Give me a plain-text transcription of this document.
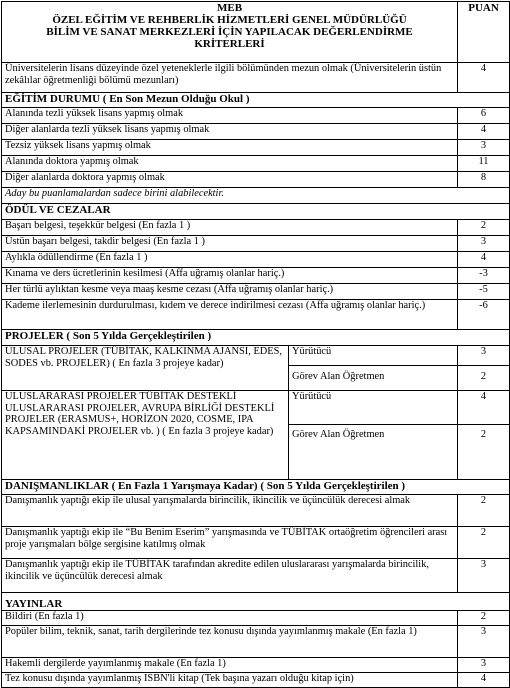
MEB
ÖZEL EĞİTİM VE REHBERLİK HİZMETLERİ GENEL MÜDÜRLÜĞÜ
BİLİM VE SANAT MERKEZLERİ İÇİN YAPILACAK DEĞERLENDİRME
KRİTERLERİ		PUAN
Üniversitelerin lisans düzeyinde özel yeteneklerle ilgili bölümünden mezun olmak (Üniversitelerin üstün zekâlılar öğretmenliği bölümü mezunları)		4
EĞİTİM DURUMU ( En Son Mezun Olduğu Okul )		
Alanında tezli yüksek lisans yapmış olmak		6
Diğer alanlarda tezli yüksek lisans yapmış olmak		4
Tezsiz yüksek lisans yapmış olmak		3
Alanında doktora yapmış olmak		11
Diğer alanlarda doktora yapmış olmak		8
Aday bu puanlamalardan sadece birini alabilecektir.		
ÖDÜL VE CEZALAR		
Başarı belgesi, teşekkür belgesi (En fazla 1 )		2
Üstün başarı belgesi, takdir belgesi (En fazla 1 )		3
Aylıkla ödüllendirme (En fazla 1 )		4
Kınama ve ders ücretlerinin kesilmesi (Affa uğramış olanlar hariç.)		-3
Her türlü aylıktan kesme veya maaş kesme cezası (Affa uğramış olanlar hariç.)		-5
Kademe ilerlemesinin durdurulması, kıdem ve derece indirilmesi cezası (Affa uğramış olanlar hariç.)		-6
PROJELER ( Son 5 Yılda Gerçekleştirilen )		
ULUSAL PROJELER (TÜBİTAK, KALKINMA AJANSI, EDES, SODES vb. PROJELER) ( En fazla 3 projeye kadar)	Yürütücü	3
	Görev Alan Öğretmen	2
ULUSLARARASI PROJELER TÜBİTAK DESTEKLİ ULUSLARARASI PROJELER, AVRUPA BİRLİĞİ DESTEKLİ PROJELER (ERASMUS+, HORİZON 2020, COSME, IPA KAPSAMINDAKİ PROJELER vb. ) ( En fazla 3 projeye kadar)	Yürütücü	4
	Görev Alan Öğretmen	2
DANIŞMANLIKLAR ( En Fazla 1 Yarışmaya Kadar) ( Son 5 Yılda Gerçekleştirilen )		
Danışmanlık yaptığı ekip ile ulusal yarışmalarda birincilik, ikincilik ve üçüncülük derecesi almak		2
Danışmanlık yaptığı ekip ile “Bu Benim Eserim” yarışmasında ve TÜBİTAK ortaöğretim öğrencileri arası proje yarışmaları bölge sergisine katılmış olmak		2
Danışmanlık yaptığı ekip ile TÜBİTAK tarafından akredite edilen uluslararası yarışmalarda birincilik, ikincilik ve üçüncülük derecesi almak		3
YAYINLAR		
Bildiri (En fazla 1)		2
Popüler bilim, teknik, sanat, tarih dergilerinde tez konusu dışında yayımlanmış makale (En fazla 1)		3
Hakemli dergilerde yayımlanmış makale (En fazla 1)		3
Tez konusu dışında yayımlanmış ISBN'li kitap (Tek başına yazarı olduğu kitap için)		4
